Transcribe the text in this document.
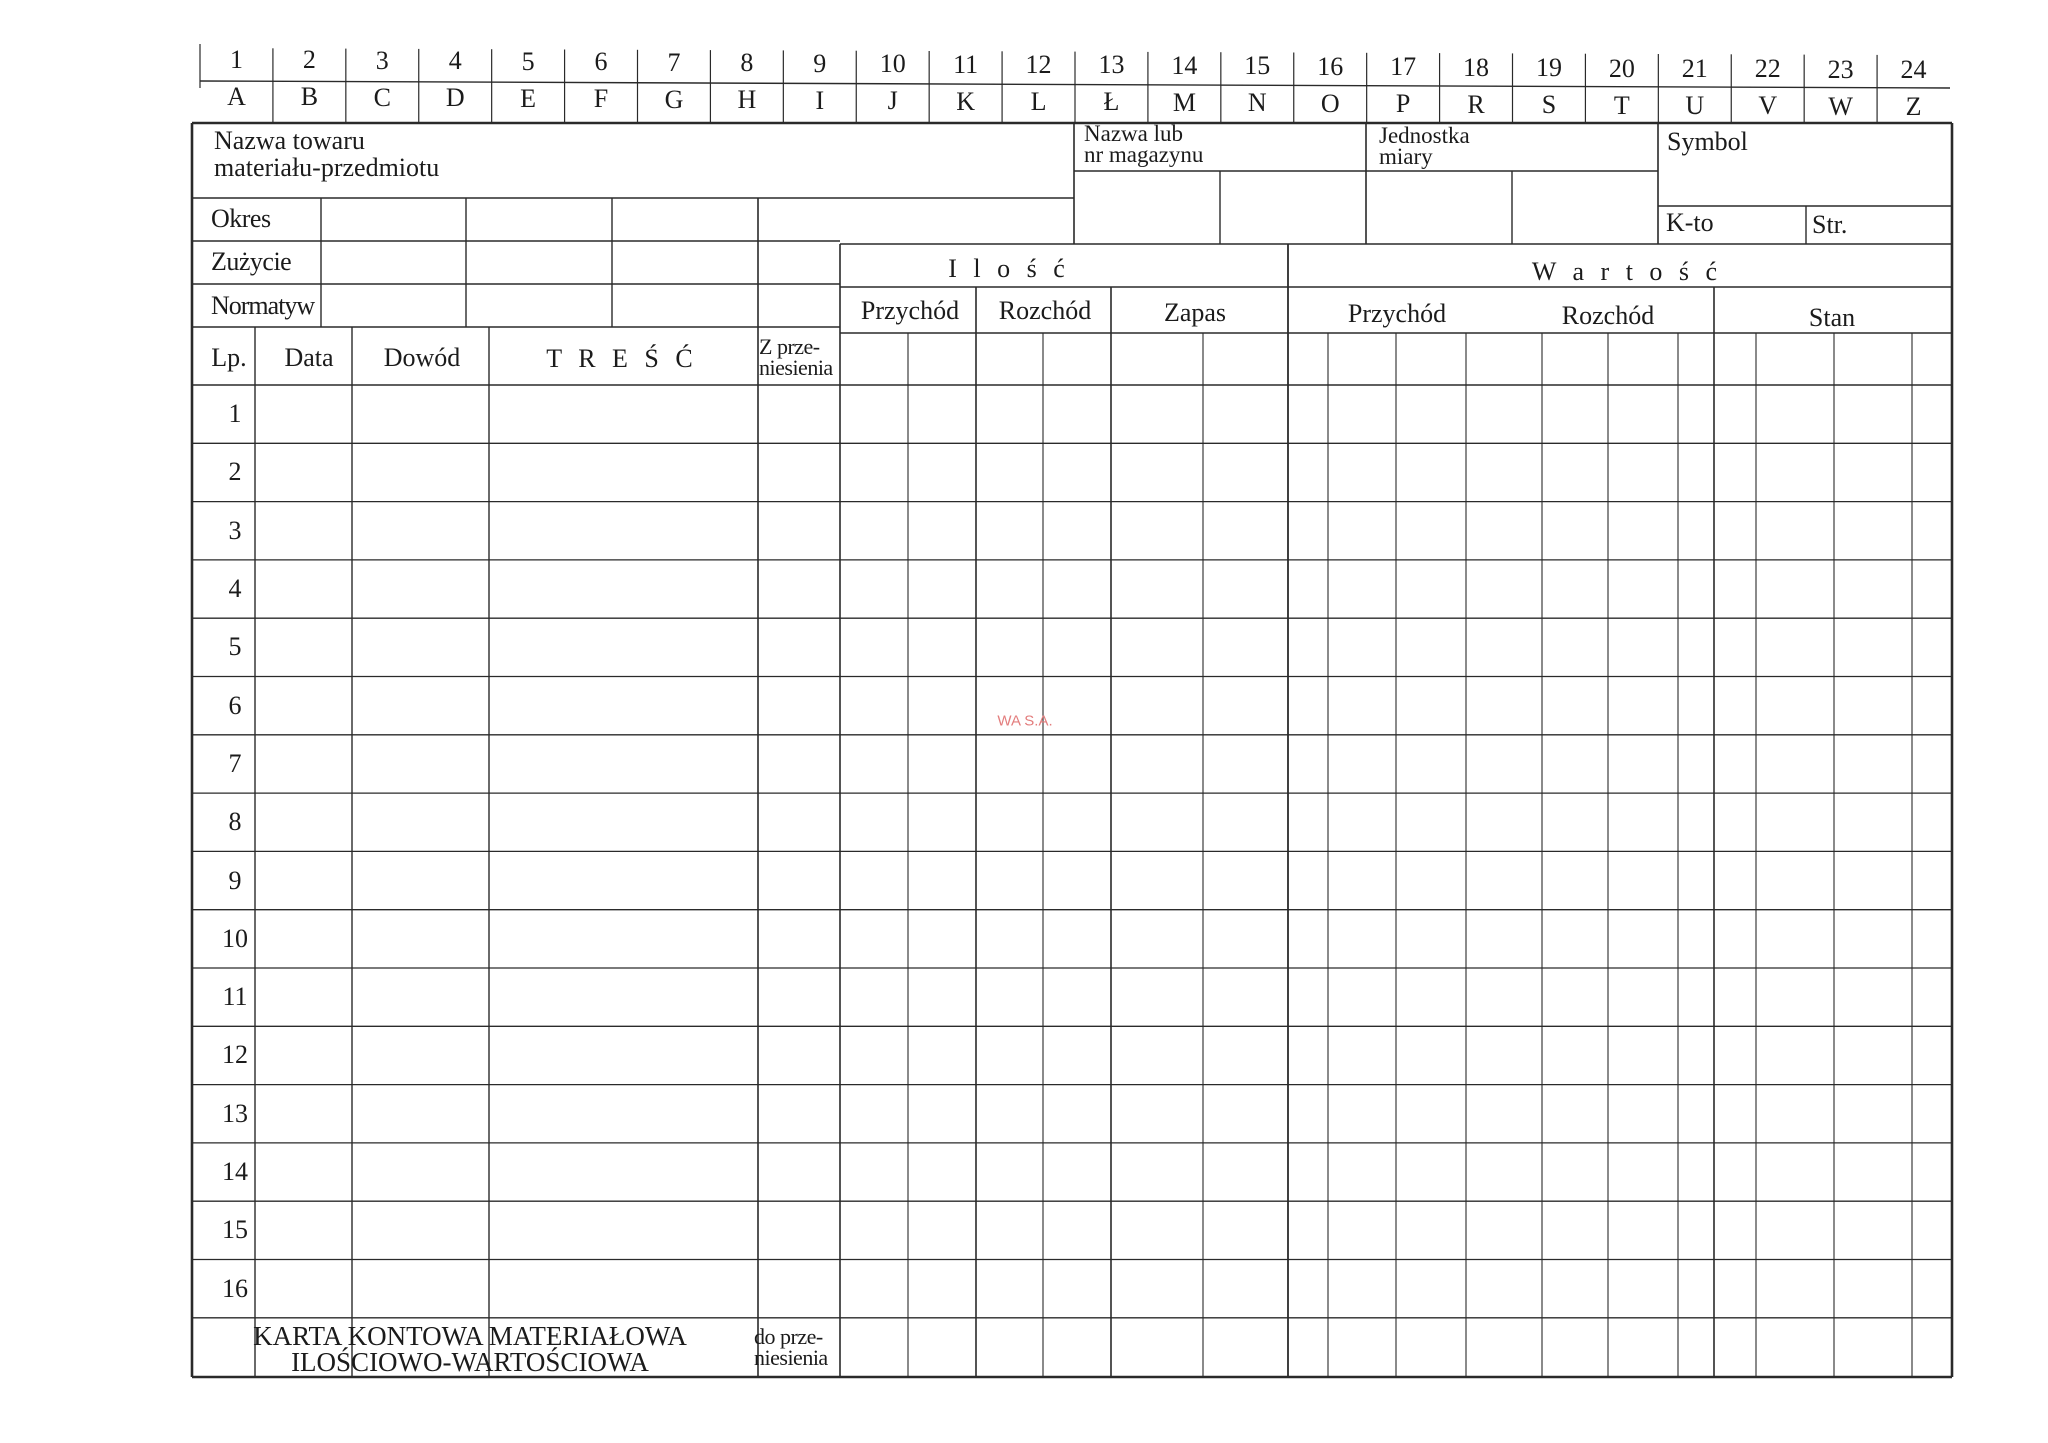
1 2 3 4 5 6 7 8 9 10 11 12 13 14 15 16 17 18 19 20 21 22 23 24
A B C D E F G H I J K L Ł M N O P R S T U V W Z
Nazwa towaru
materiału-przedmiotu
Nazwa lub
nr magazynu
Jednostka
miary
Symbol
K-to	Str.
Okres
Zużycie
Normatyw
I l o ś ć	W a r t o ś ć
Przychód Rozchód	Zapas	Przychód	Rozchód	Stan
Lp. Data Dowód	T R E Ś Ć	Z prze-
niesienia
1
2
3
4
5
6
7
8
9
10
11
12
13
14
15
16
KARTA KONTOWA MATERIAŁOWA
ILOŚCIOWO-WARTOŚCIOWA
do prze-
niesienia
WA S.A.
